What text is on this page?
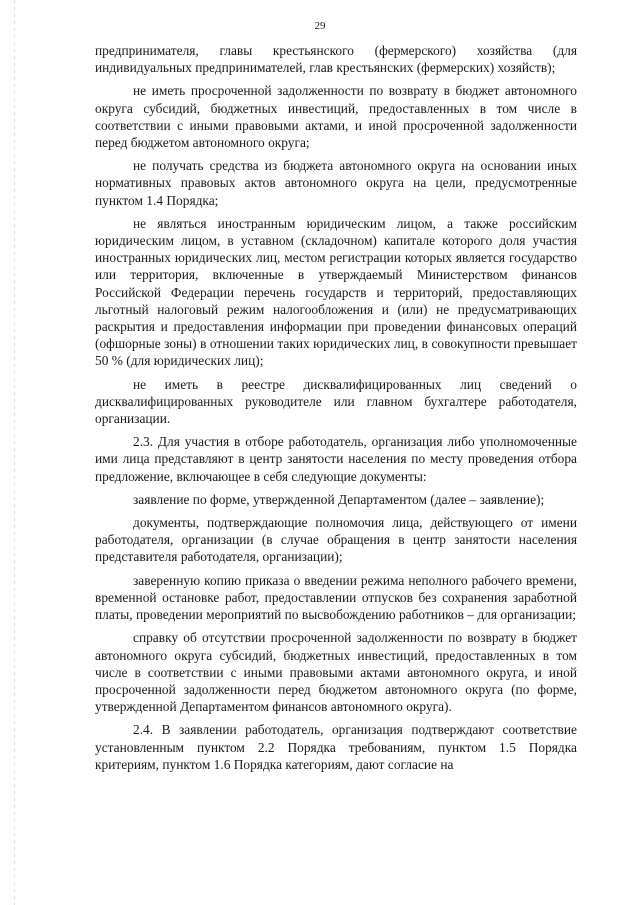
29

предпринимателя, главы крестьянского (фермерского) хозяйства (для индивидуальных предпринимателей, глав крестьянских (фермерских) хозяйств);

не иметь просроченной задолженности по возврату в бюджет автономного округа субсидий, бюджетных инвестиций, предоставленных в том числе в соответствии с иными правовыми актами, и иной просроченной задолженности перед бюджетом автономного округа;

не получать средства из бюджета автономного округа на основании иных нормативных правовых актов автономного округа на цели, предусмотренные пунктом 1.4 Порядка;

не являться иностранным юридическим лицом, а также российским юридическим лицом, в уставном (складочном) капитале которого доля участия иностранных юридических лиц, местом регистрации которых является государство или территория, включенные в утверждаемый Министерством финансов Российской Федерации перечень государств и территорий, предоставляющих льготный налоговый режим налогообложения и (или) не предусматривающих раскрытия и предоставления информации при проведении финансовых операций (офшорные зоны) в отношении таких юридических лиц, в совокупности превышает 50 % (для юридических лиц);

не иметь в реестре дисквалифицированных лиц сведений о дисквалифицированных руководителе или главном бухгалтере работодателя, организации.

2.3. Для участия в отборе работодатель, организация либо уполномоченные ими лица представляют в центр занятости населения по месту проведения отбора предложение, включающее в себя следующие документы:

заявление по форме, утвержденной Департаментом (далее – заявление);

документы, подтверждающие полномочия лица, действующего от имени работодателя, организации (в случае обращения в центр занятости населения представителя работодателя, организации);

заверенную копию приказа о введении режима неполного рабочего времени, временной остановке работ, предоставлении отпусков без сохранения заработной платы, проведении мероприятий по высвобождению работников – для организации;

справку об отсутствии просроченной задолженности по возврату в бюджет автономного округа субсидий, бюджетных инвестиций, предоставленных в том числе в соответствии с иными правовыми актами автономного округа, и иной просроченной задолженности перед бюджетом автономного округа (по форме, утвержденной Департаментом финансов автономного округа).

2.4. В заявлении работодатель, организация подтверждают соответствие установленным пунктом 2.2 Порядка требованиям, пунктом 1.5 Порядка критериям, пунктом 1.6 Порядка категориям, дают согласие на
